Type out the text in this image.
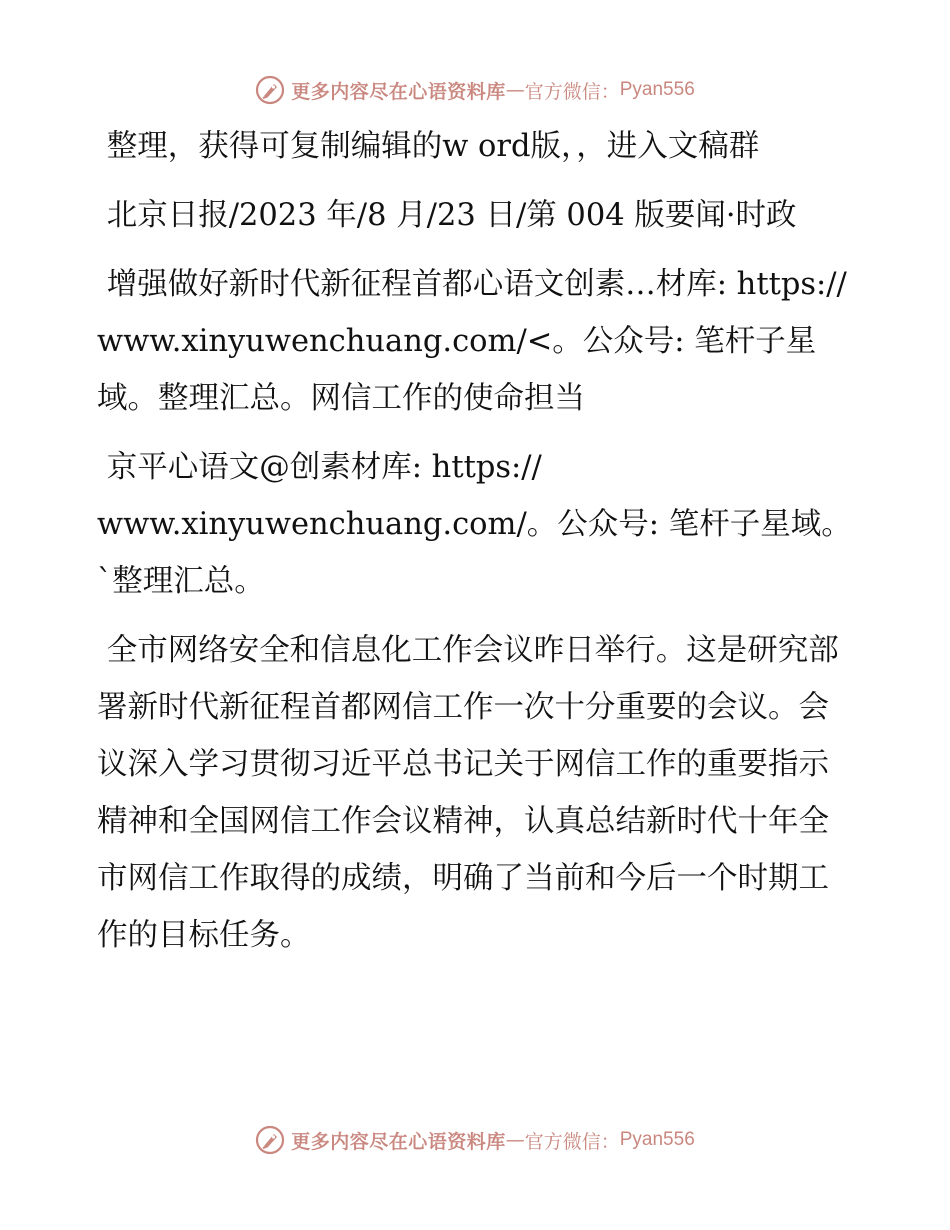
更多内容尽在心语资料库 — 官方微信： Pyan556

整理，获得可复制编辑的w ord版，，进入文稿群

北京日报/2023 年/8 月/23 日/第 004 版要闻·时政

增强做好新时代新征程首都心语文创素…材库: https://www.xinyuwenchuang.com/<。公众号: 笔杆子星域。整理汇总。网信工作的使命担当

京平心语文@创素材库: https://
www.xinyuwenchuang.com/。公众号: 笔杆子星域。`整理汇总。

全市网络安全和信息化工作会议昨日举行。这是研究部署新时代新征程首都网信工作一次十分重要的会议。会议深入学习贯彻习近平总书记关于网信工作的重要指示精神和全国网信工作会议精神，认真总结新时代十年全市网信工作取得的成绩，明确了当前和今后一个时期工作的目标任务。

更多内容尽在心语资料库 — 官方微信： Pyan556
